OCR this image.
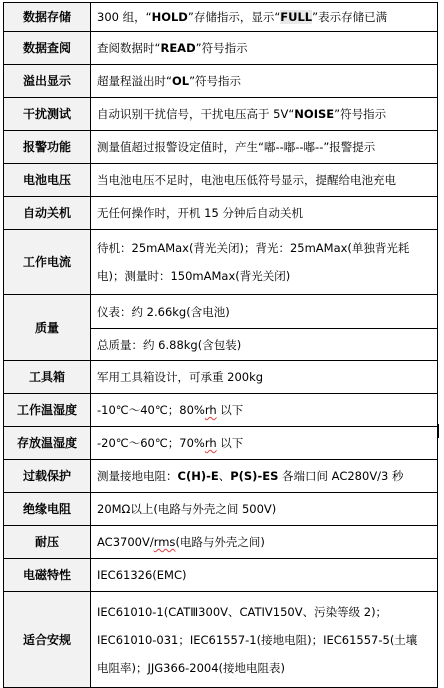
数据存储	300 组，“HOLD”存储指示，显示“FULL”表示存储已满
数据查阅	查阅数据时“READ”符号指示
溢出显示	超量程溢出时“OL”符号指示
干扰测试	自动识别干扰信号，干扰电压高于 5V“NOISE”符号指示
报警功能	测量值超过报警设定值时，产生“嘟--嘟--嘟--”报警提示
电池电压	当电池电压不足时，电池电压低符号显示，提醒给电池充电
自动关机	无任何操作时，开机 15 分钟后自动关机
工作电流	待机：25mAMax(背光关闭)；背光：25mAMax(单独背光耗电)；测量时：150mAMax(背光关闭)
质量	仪表：约 2.66kg(含电池)
	总质量：约 6.88kg(含包装)
工具箱	军用工具箱设计，可承重 200kg
工作温湿度	-10℃～40℃；80%rh 以下
存放温湿度	-20℃～60℃；70%rh 以下
过载保护	测量接地电阻：C(H)-E、P(S)-ES 各端口间 AC280V/3 秒
绝缘电阻	20MΩ以上(电路与外壳之间 500V)
耐压	AC3700V/rms(电路与外壳之间)
电磁特性	IEC61326(EMC)
适合安规	IEC61010-1(CATⅢ300V、CATIV150V、污染等级 2)；
IEC61010-031；IEC61557-1(接地电阻)；IEC61557-5(土壤
电阻率)；JJG366-2004(接地电阻表)
